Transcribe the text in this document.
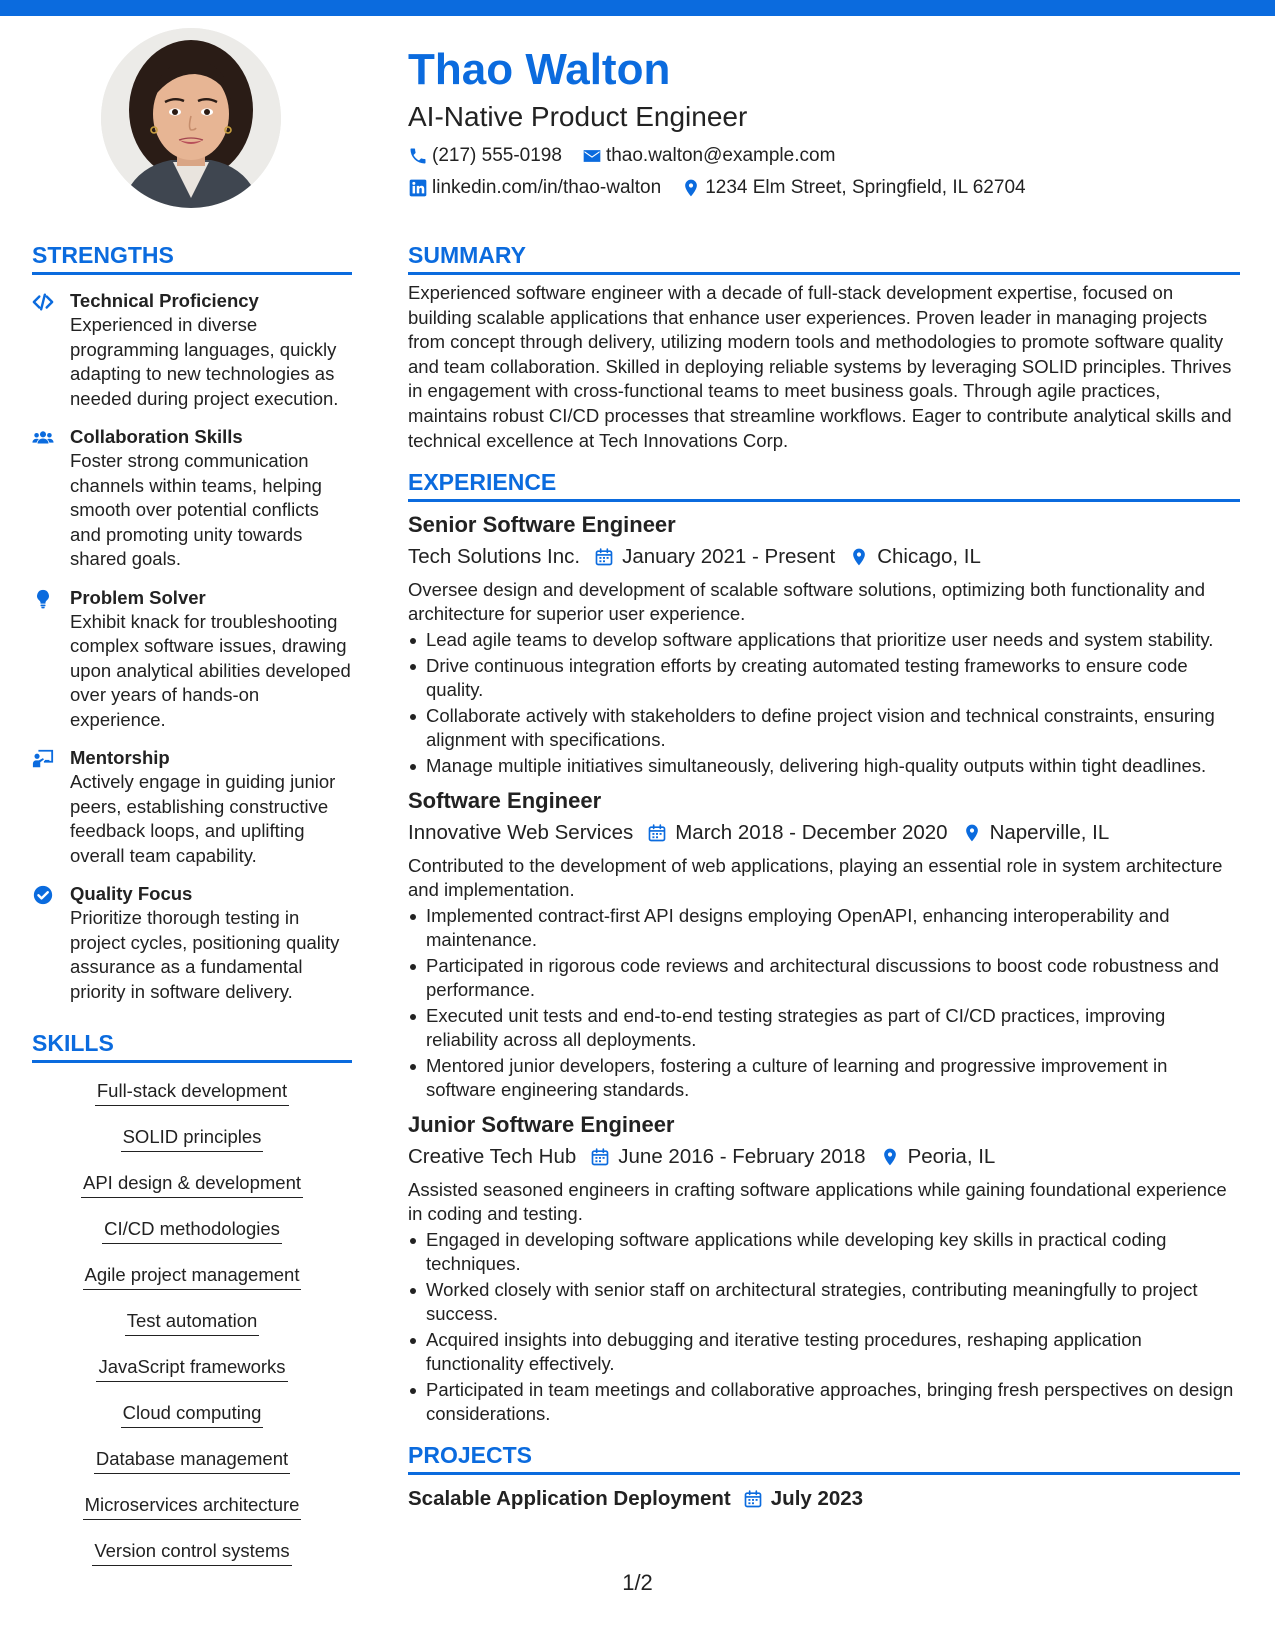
Thao Walton
AI-Native Product Engineer
(217) 555-0198 thao.walton@example.com
linkedin.com/in/thao-walton 1234 Elm Street, Springfield, IL 62704
STRENGTHS
Technical Proficiency
Experienced in diverse programming languages, quickly adapting to new technologies as needed during project execution.
Collaboration Skills
Foster strong communication channels within teams, helping smooth over potential conflicts and promoting unity towards shared goals.
Problem Solver
Exhibit knack for troubleshooting complex software issues, drawing upon analytical abilities developed over years of hands-on experience.
Mentorship
Actively engage in guiding junior peers, establishing constructive feedback loops, and uplifting overall team capability.
Quality Focus
Prioritize thorough testing in project cycles, positioning quality assurance as a fundamental priority in software delivery.
SKILLS
Full-stack development
SOLID principles
API design & development
CI/CD methodologies
Agile project management
Test automation
JavaScript frameworks
Cloud computing
Database management
Microservices architecture
Version control systems
SUMMARY
Experienced software engineer with a decade of full-stack development expertise, focused on building scalable applications that enhance user experiences. Proven leader in managing projects from concept through delivery, utilizing modern tools and methodologies to promote software quality and team collaboration. Skilled in deploying reliable systems by leveraging SOLID principles. Thrives in engagement with cross-functional teams to meet business goals. Through agile practices, maintains robust CI/CD processes that streamline workflows. Eager to contribute analytical skills and technical excellence at Tech Innovations Corp.
EXPERIENCE
Senior Software Engineer
Tech Solutions Inc. January 2021 - Present Chicago, IL
Oversee design and development of scalable software solutions, optimizing both functionality and architecture for superior user experience.
Lead agile teams to develop software applications that prioritize user needs and system stability.
Drive continuous integration efforts by creating automated testing frameworks to ensure code quality.
Collaborate actively with stakeholders to define project vision and technical constraints, ensuring alignment with specifications.
Manage multiple initiatives simultaneously, delivering high-quality outputs within tight deadlines.
Software Engineer
Innovative Web Services March 2018 - December 2020 Naperville, IL
Contributed to the development of web applications, playing an essential role in system architecture and implementation.
Implemented contract-first API designs employing OpenAPI, enhancing interoperability and maintenance.
Participated in rigorous code reviews and architectural discussions to boost code robustness and performance.
Executed unit tests and end-to-end testing strategies as part of CI/CD practices, improving reliability across all deployments.
Mentored junior developers, fostering a culture of learning and progressive improvement in software engineering standards.
Junior Software Engineer
Creative Tech Hub June 2016 - February 2018 Peoria, IL
Assisted seasoned engineers in crafting software applications while gaining foundational experience in coding and testing.
Engaged in developing software applications while developing key skills in practical coding techniques.
Worked closely with senior staff on architectural strategies, contributing meaningfully to project success.
Acquired insights into debugging and iterative testing procedures, reshaping application functionality effectively.
Participated in team meetings and collaborative approaches, bringing fresh perspectives on design considerations.
PROJECTS
Scalable Application Deployment July 2023
1/2
